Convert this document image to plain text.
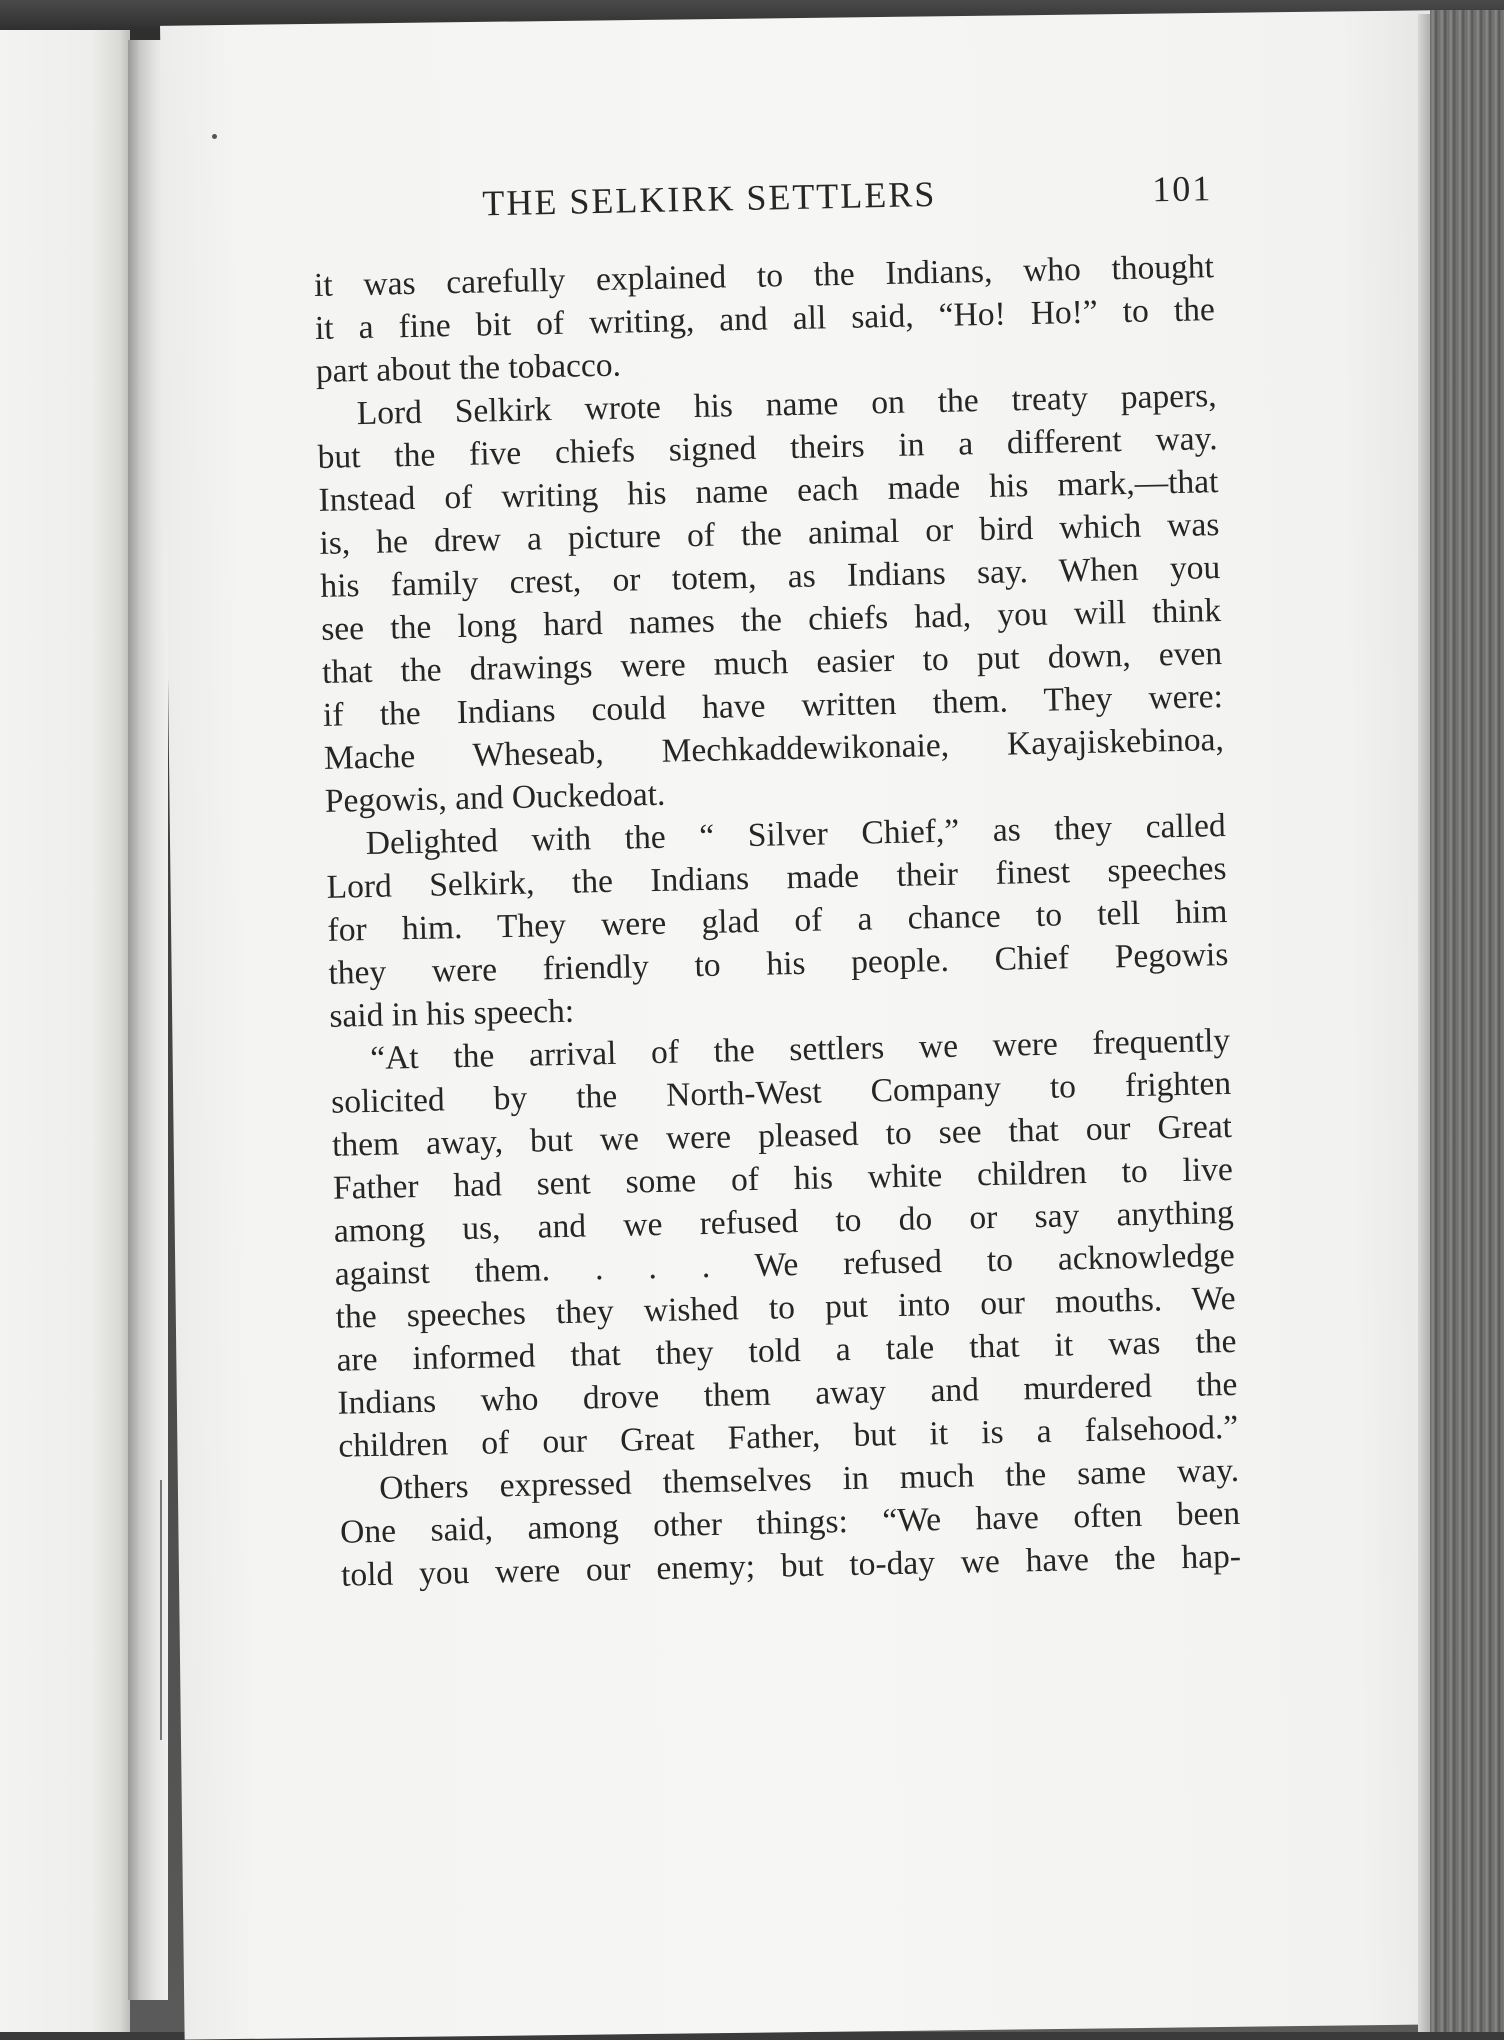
THE SELKIRK SETTLERS	101
it was carefully explained to the Indians, who thought
it a fine bit of writing, and all said, “Ho! Ho!” to the
part about the tobacco.
Lord Selkirk wrote his name on the treaty papers,
but the five chiefs signed theirs in a different way.
Instead of writing his name each made his mark,—that
is, he drew a picture of the animal or bird which was
his family crest, or totem, as Indians say. When you
see the long hard names the chiefs had, you will think
that the drawings were much easier to put down, even
if the Indians could have written them. They were:
Mache Wheseab, Mechkaddewikonaie, Kayajiskebinoa,
Pegowis, and Ouckedoat.
Delighted with the “ Silver Chief,” as they called
Lord Selkirk, the Indians made their finest speeches
for him. They were glad of a chance to tell him
they were friendly to his people. Chief Pegowis
said in his speech:
“At the arrival of the settlers we were frequently
solicited by the North-West Company to frighten
them away, but we were pleased to see that our Great
Father had sent some of his white children to live
among us, and we refused to do or say anything
against them. . . . We refused to acknowledge
the speeches they wished to put into our mouths. We
are informed that they told a tale that it was the
Indians who drove them away and murdered the
children of our Great Father, but it is a falsehood.”
Others expressed themselves in much the same way.
One said, among other things: “We have often been
told you were our enemy; but to-day we have the hap-
